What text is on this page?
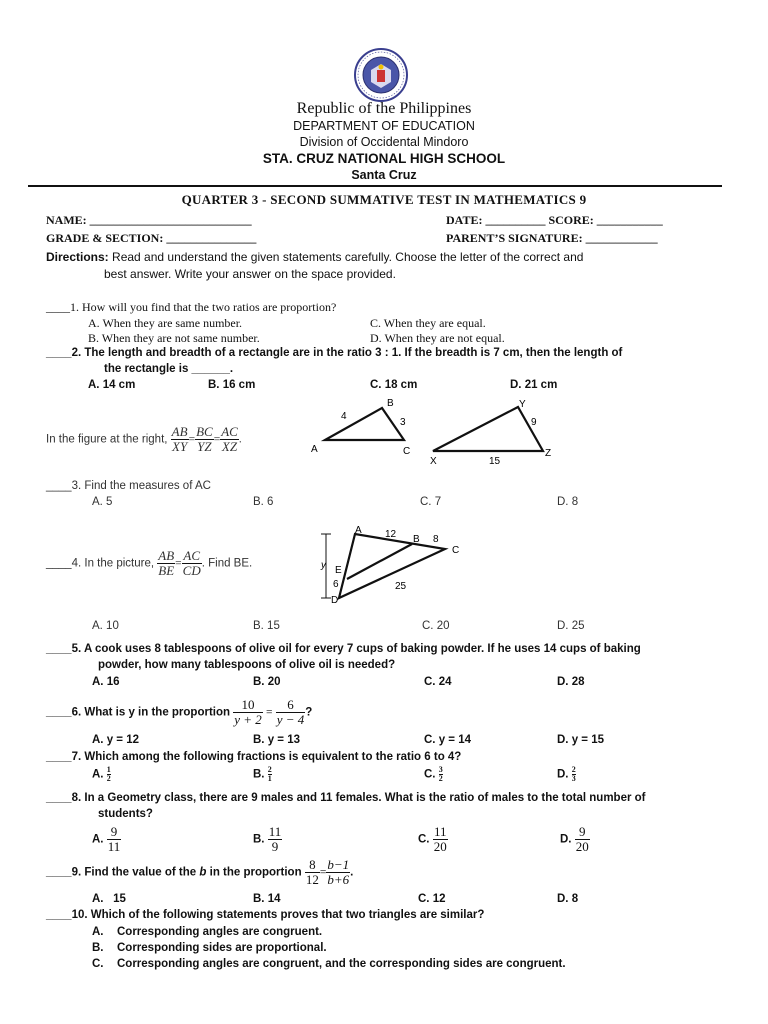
Republic of the Philippines
DEPARTMENT OF EDUCATION
Division of Occidental Mindoro
STA. CRUZ NATIONAL HIGH SCHOOL
Santa Cruz
QUARTER 3 - SECOND SUMMATIVE TEST IN MATHEMATICS 9
NAME: ___________________________	DATE: __________ SCORE: ___________
GRADE & SECTION: _______________	PARENT’S SIGNATURE: ____________
Directions: Read and understand the given statements carefully. Choose the letter of the correct and
best answer. Write your answer on the space provided.
____1. How will you find that the two ratios are proportion?
A. When they are same number.	C. When they are equal.
B. When they are not same number.	D. When they are not equal.
____2. The length and breadth of a rectangle are in the ratio 3 : 1. If the breadth is 7 cm, then the length of
the rectangle is ______.
A. 14 cm	B. 16 cm	C. 18 cm	D. 21 cm
In the figure at the right, $\frac{AB}{XY} = \frac{BC}{YZ} = \frac{AC}{XZ}$ .
A
B
C
4
3
X
Y
Z
9
15
____3. Find the measures of AC
A. 5	B. 6	C. 7	D. 8
____4. In the picture, $\frac{AB}{BE} = \frac{AC}{CD}$ . Find BE.	y
A 12 B 8
C
E
6
D
25
A. 10	B. 15	C. 20	D. 25
____5. A cook uses 8 tablespoons of olive oil for every 7 cups of baking powder. If he uses 14 cups of baking
powder, how many tablespoons of olive oil is needed?
A. 16	B. 20	C. 24	D. 28
____6. What is y in the proportion $\frac{10}{y + 2} = \frac{6}{y - 4}$ ?
A. y = 12	B. y = 13	C. y = 14	D. y = 15
____7. Which among the following fractions is equivalent to the ratio 6 to 4?
A. $\frac{1}{2}$	B. $\frac{2}{1}$	C. $\frac{3}{2}$	D. $\frac{2}{3}$
____8. In a Geometry class, there are 9 males and 11 females. What is the ratio of males to the total number of
students?
A. $\frac{9}{11}$	B. $\frac{11}{9}$	C. $\frac{11}{20}$	D. $\frac{9}{20}$
____9. Find the value of the b in the proportion $\frac{8}{12} = \frac{b-1}{b+6}$ .
A.   15	B. 14	C. 12	D. 8
____10. Which of the following statements proves that two triangles are similar?
A. Corresponding angles are congruent.
B. Corresponding sides are proportional.
C. Corresponding angles are congruent, and the corresponding sides are congruent.
